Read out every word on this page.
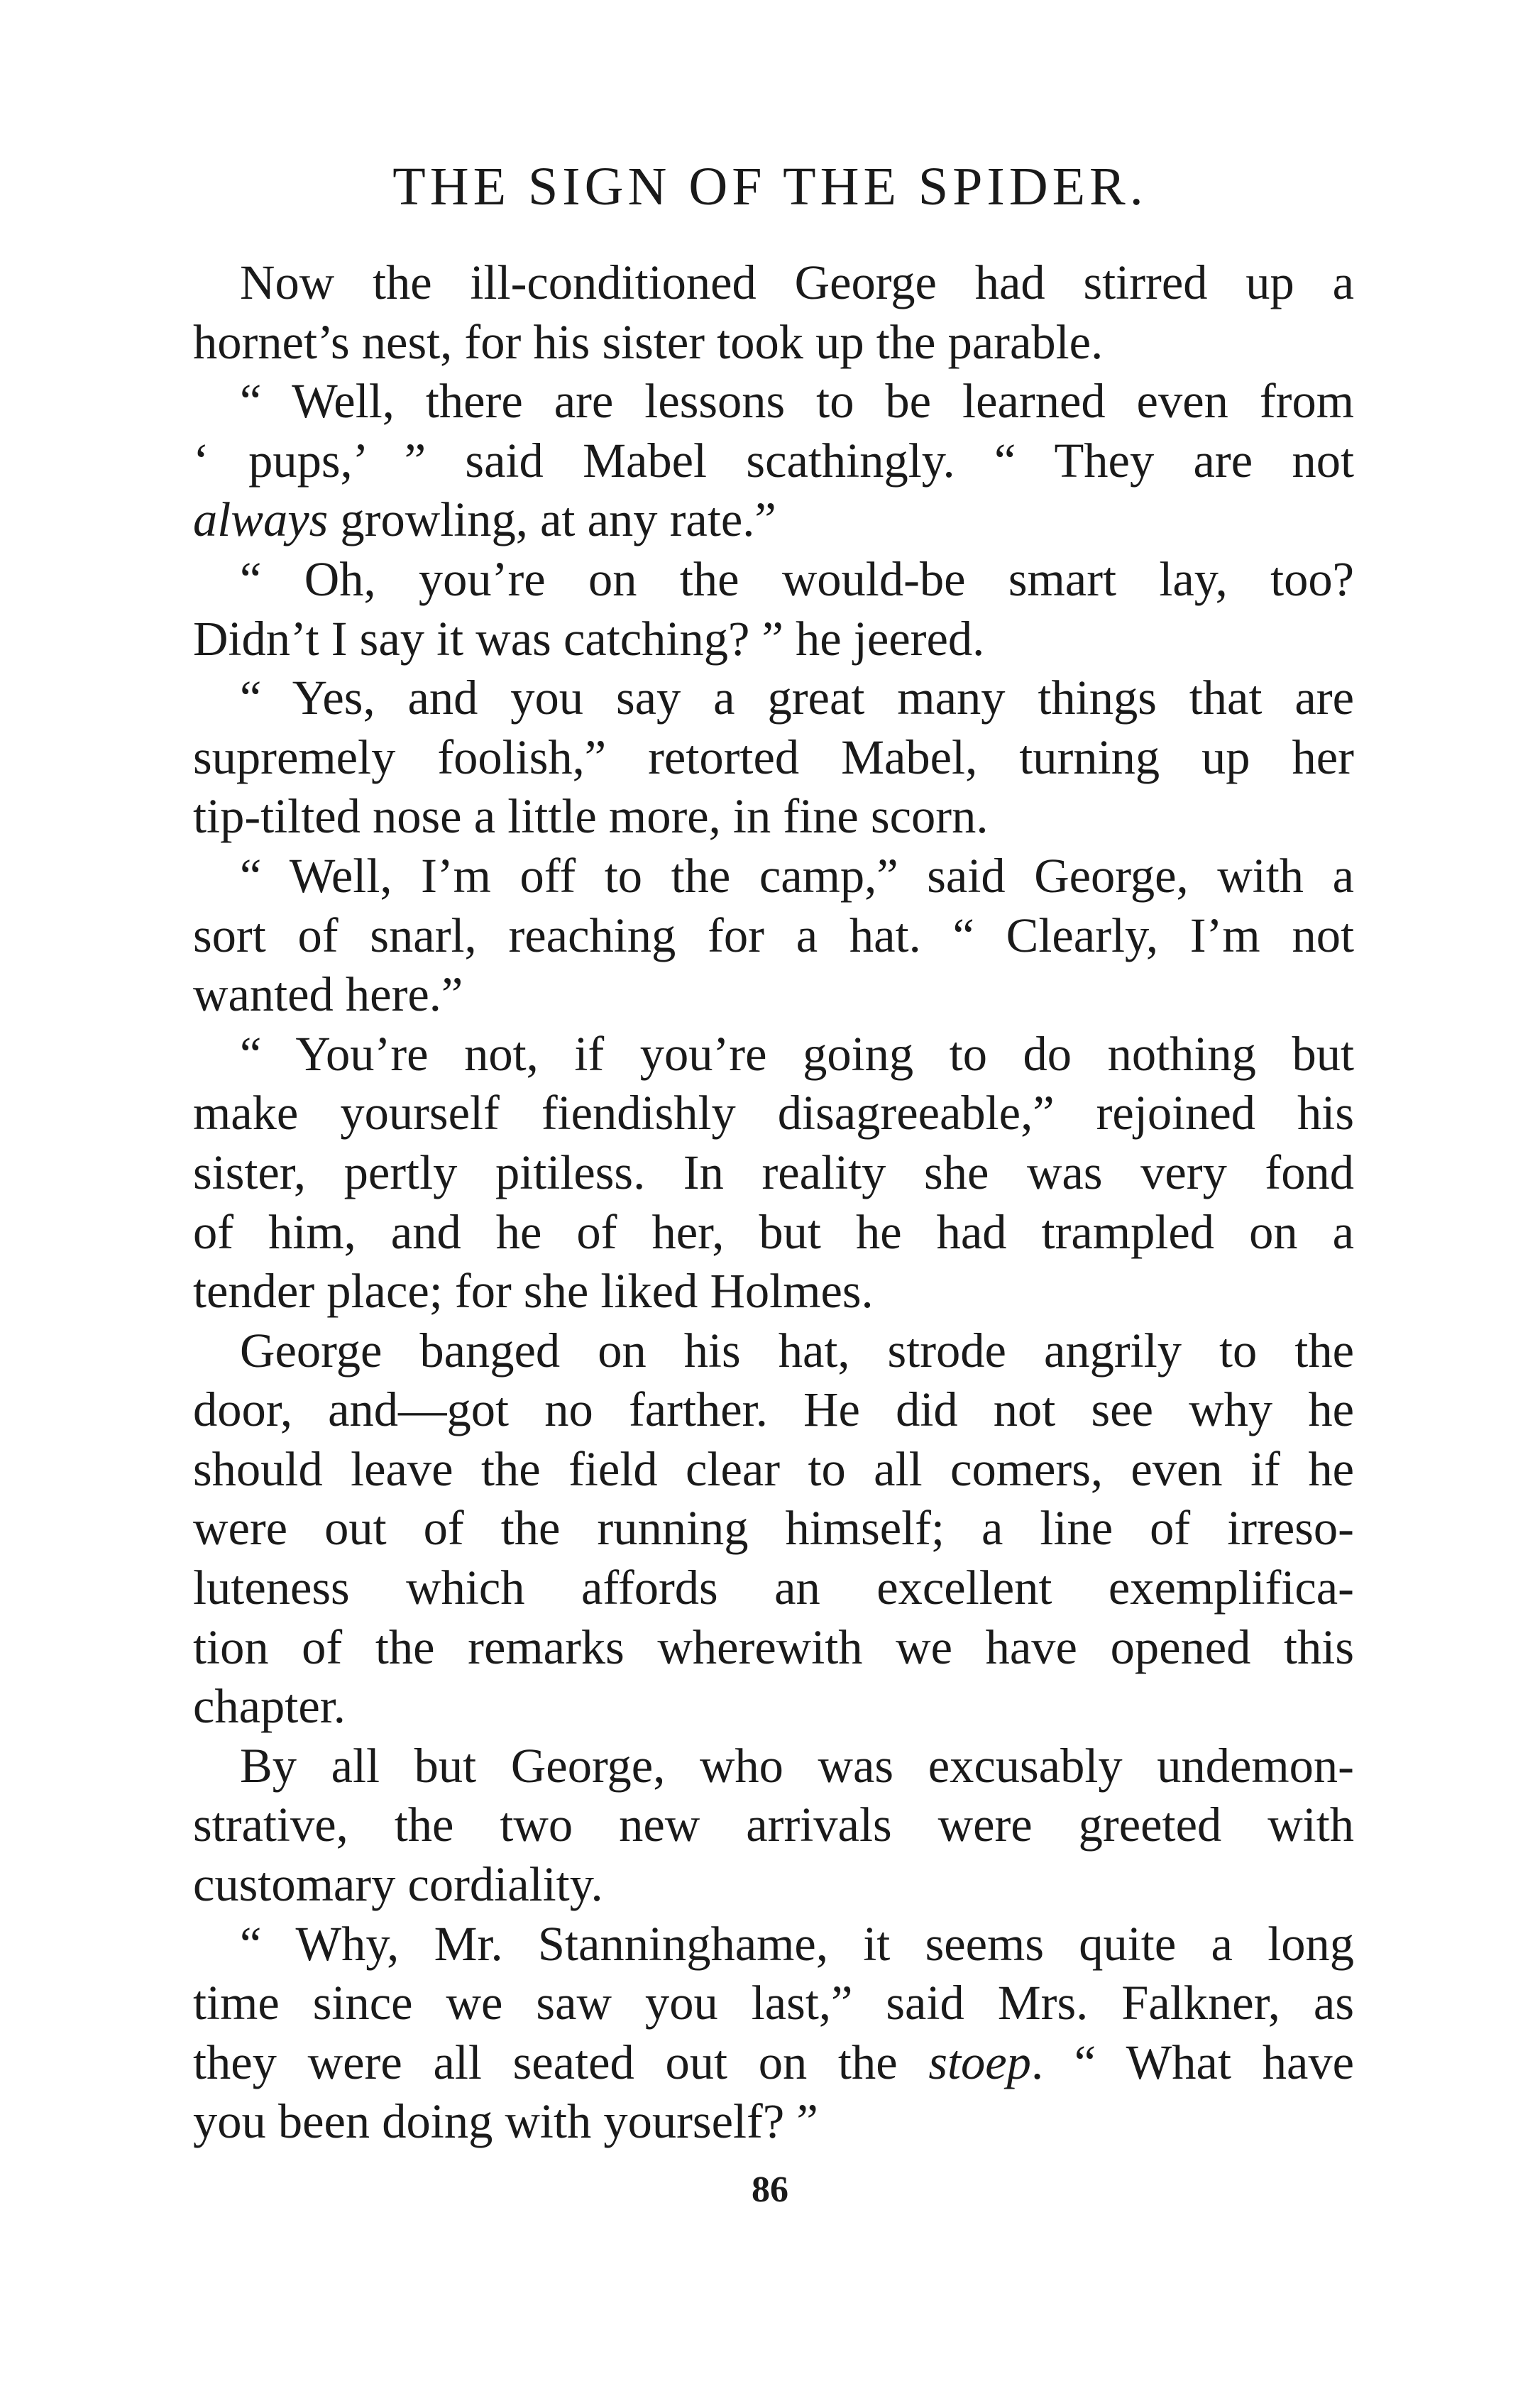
THE SIGN OF THE SPIDER.
Now the ill-conditioned George had stirred up a
hornet’s nest, for his sister took up the parable.
“ Well, there are lessons to be learned even from
‘ pups,’ ” said Mabel scathingly. “ They are not
always growling, at any rate.”
“ Oh, you’re on the would-be smart lay, too?
Didn’t I say it was catching? ” he jeered.
“ Yes, and you say a great many things that are
supremely foolish,” retorted Mabel, turning up her
tip-tilted nose a little more, in fine scorn.
“ Well, I’m off to the camp,” said George, with a
sort of snarl, reaching for a hat. “ Clearly, I’m not
wanted here.”
“ You’re not, if you’re going to do nothing but
make yourself fiendishly disagreeable,” rejoined his
sister, pertly pitiless. In reality she was very fond
of him, and he of her, but he had trampled on a
tender place; for she liked Holmes.
George banged on his hat, strode angrily to the
door, and—got no farther. He did not see why he
should leave the field clear to all comers, even if he
were out of the running himself; a line of irreso-
luteness which affords an excellent exemplifica-
tion of the remarks wherewith we have opened this
chapter.
By all but George, who was excusably undemon-
strative, the two new arrivals were greeted with
customary cordiality.
“ Why, Mr. Stanninghame, it seems quite a long
time since we saw you last,” said Mrs. Falkner, as
they were all seated out on the stoep. “ What have
you been doing with yourself? ”
86
